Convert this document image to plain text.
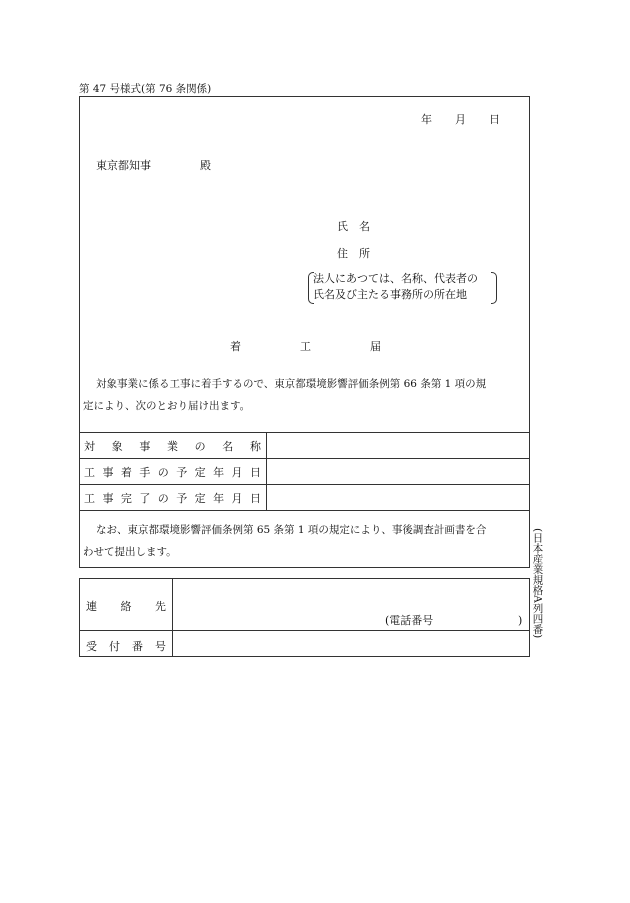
第 47 号様式(第 76 条関係)
年 月 日
東京都知事	殿
氏　名
住　所
法人にあつては、名称、代表者の
氏名及び主たる事務所の所在地
着	工	届
対象事業に係る工事に着手するので、東京都環境影響評価条例第 66 条第 1 項の規
定により、次のとおり届け出ます。
対 象 事 業 の 名 称
工 事 着 手 の 予 定 年 月 日
工 事 完 了 の 予 定 年 月 日
なお、東京都環境影響評価条例第 65 条第 1 項の規定により、事後調査計画書を合
わせて提出します。
連 絡 先
(電話番号	)
受 付 番 号
(日本産業規格A列四番)
